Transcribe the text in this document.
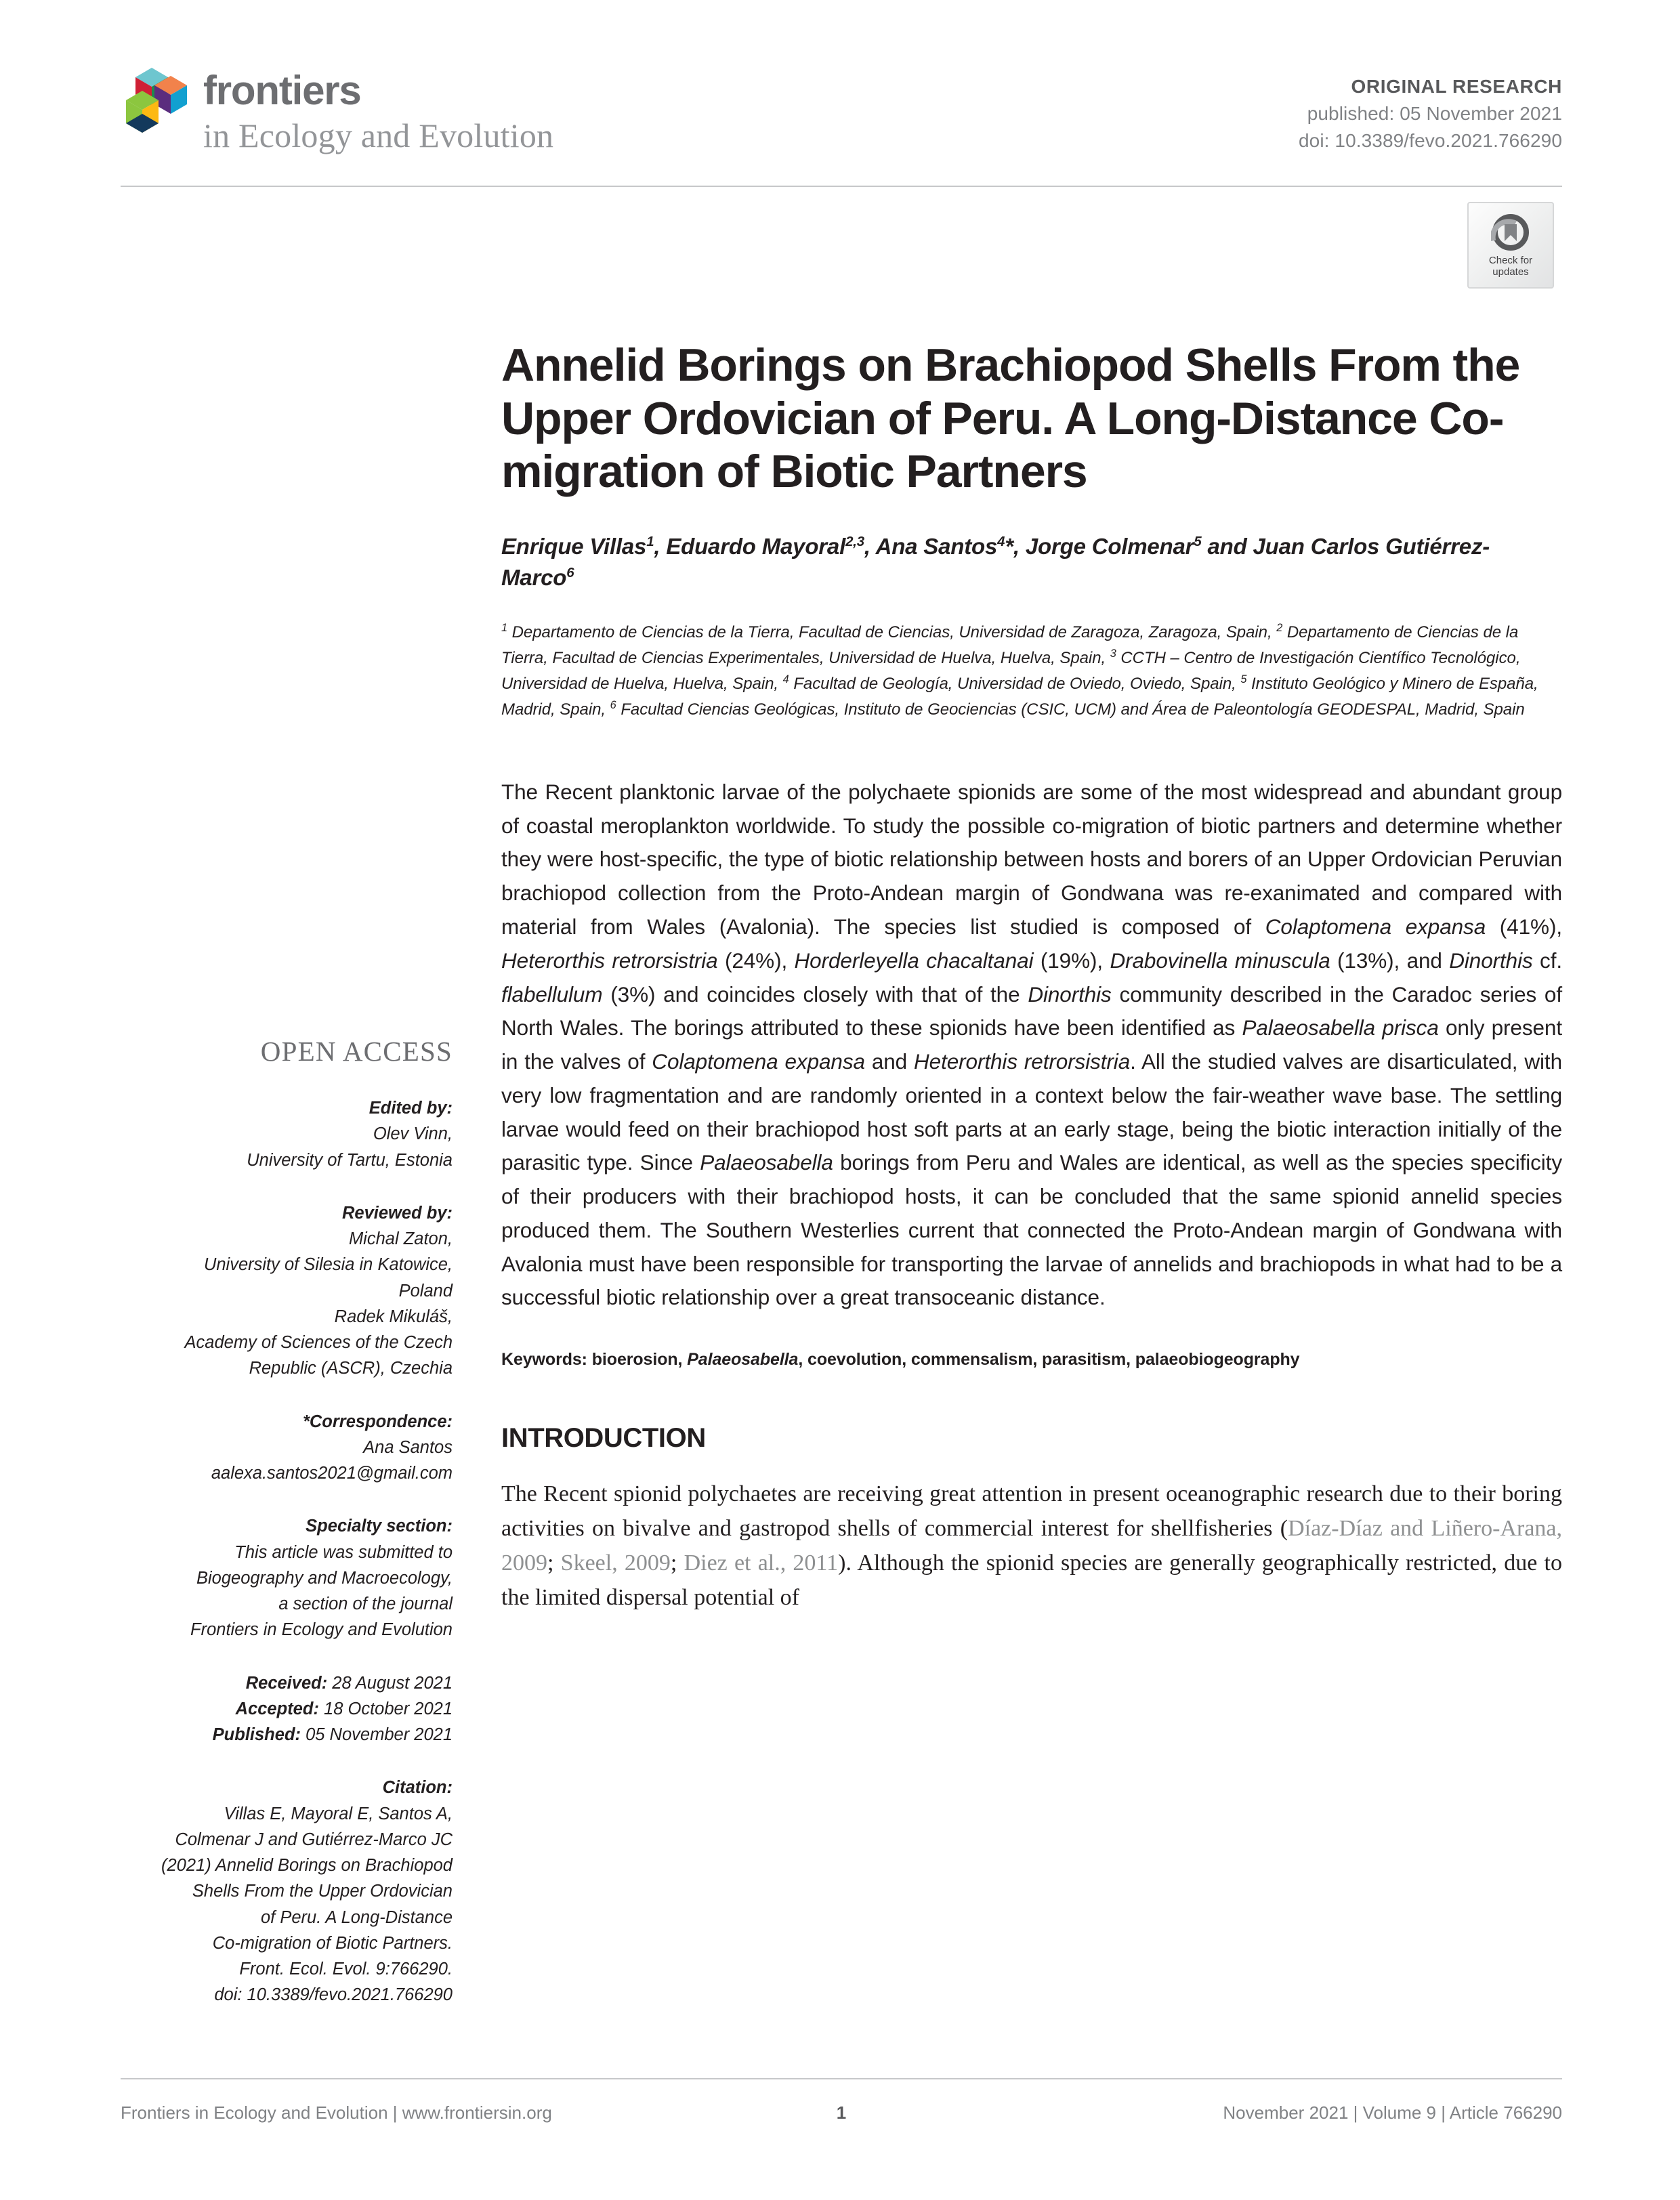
frontiers
in Ecology and Evolution
ORIGINAL RESEARCH
published: 05 November 2021
doi: 10.3389/fevo.2021.766290
Check for
updates
Annelid Borings on Brachiopod Shells From the Upper Ordovician of Peru. A Long-Distance Co-migration of Biotic Partners
Enrique Villas$^1$, Eduardo Mayoral$^{2,3}$, Ana Santos$^4$*, Jorge Colmenar$^5$ and Juan Carlos Gutiérrez-Marco$^6$
$^1$ Departamento de Ciencias de la Tierra, Facultad de Ciencias, Universidad de Zaragoza, Zaragoza, Spain, $^2$ Departamento de Ciencias de la Tierra, Facultad de Ciencias Experimentales, Universidad de Huelva, Huelva, Spain, $^3$ CCTH – Centro de Investigación Científico Tecnológico, Universidad de Huelva, Huelva, Spain, $^4$ Facultad de Geología, Universidad de Oviedo, Oviedo, Spain, $^5$ Instituto Geológico y Minero de España, Madrid, Spain, $^6$ Facultad Ciencias Geológicas, Instituto de Geociencias (CSIC, UCM) and Área de Paleontología GEODESPAL, Madrid, Spain
The Recent planktonic larvae of the polychaete spionids are some of the most widespread and abundant group of coastal meroplankton worldwide. To study the possible co-migration of biotic partners and determine whether they were host-specific, the type of biotic relationship between hosts and borers of an Upper Ordovician Peruvian brachiopod collection from the Proto-Andean margin of Gondwana was re-exanimated and compared with material from Wales (Avalonia). The species list studied is composed of Colaptomena expansa (41%), Heterorthis retrorsistria (24%), Horderleyella chacaltanai (19%), Drabovinella minuscula (13%), and Dinorthis cf. flabellulum (3%) and coincides closely with that of the Dinorthis community described in the Caradoc series of North Wales. The borings attributed to these spionids have been identified as Palaeosabella prisca only present in the valves of Colaptomena expansa and Heterorthis retrorsistria. All the studied valves are disarticulated, with very low fragmentation and are randomly oriented in a context below the fair-weather wave base. The settling larvae would feed on their brachiopod host soft parts at an early stage, being the biotic interaction initially of the parasitic type. Since Palaeosabella borings from Peru and Wales are identical, as well as the species specificity of their producers with their brachiopod hosts, it can be concluded that the same spionid annelid species produced them. The Southern Westerlies current that connected the Proto-Andean margin of Gondwana with Avalonia must have been responsible for transporting the larvae of annelids and brachiopods in what had to be a successful biotic relationship over a great transoceanic distance.
Keywords: bioerosion, Palaeosabella, coevolution, commensalism, parasitism, palaeobiogeography
INTRODUCTION
The Recent spionid polychaetes are receiving great attention in present oceanographic research due to their boring activities on bivalve and gastropod shells of commercial interest for shellfisheries (Díaz-Díaz and Liñero-Arana, 2009; Skeel, 2009; Diez et al., 2011). Although the spionid species are generally geographically restricted, due to the limited dispersal potential of
OPEN ACCESS
Edited by:
Olev Vinn,
University of Tartu, Estonia
Reviewed by:
Michal Zaton,
University of Silesia in Katowice,
Poland
Radek Mikuláš,
Academy of Sciences of the Czech
Republic (ASCR), Czechia
*Correspondence:
Ana Santos
aalexa.santos2021@gmail.com
Specialty section:
This article was submitted to
Biogeography and Macroecology,
a section of the journal
Frontiers in Ecology and Evolution
Received: 28 August 2021
Accepted: 18 October 2021
Published: 05 November 2021
Citation:
Villas E, Mayoral E, Santos A,
Colmenar J and Gutiérrez-Marco JC
(2021) Annelid Borings on Brachiopod
Shells From the Upper Ordovician
of Peru. A Long-Distance
Co-migration of Biotic Partners.
Front. Ecol. Evol. 9:766290.
doi: 10.3389/fevo.2021.766290
Frontiers in Ecology and Evolution | www.frontiersin.org	1	November 2021 | Volume 9 | Article 766290
